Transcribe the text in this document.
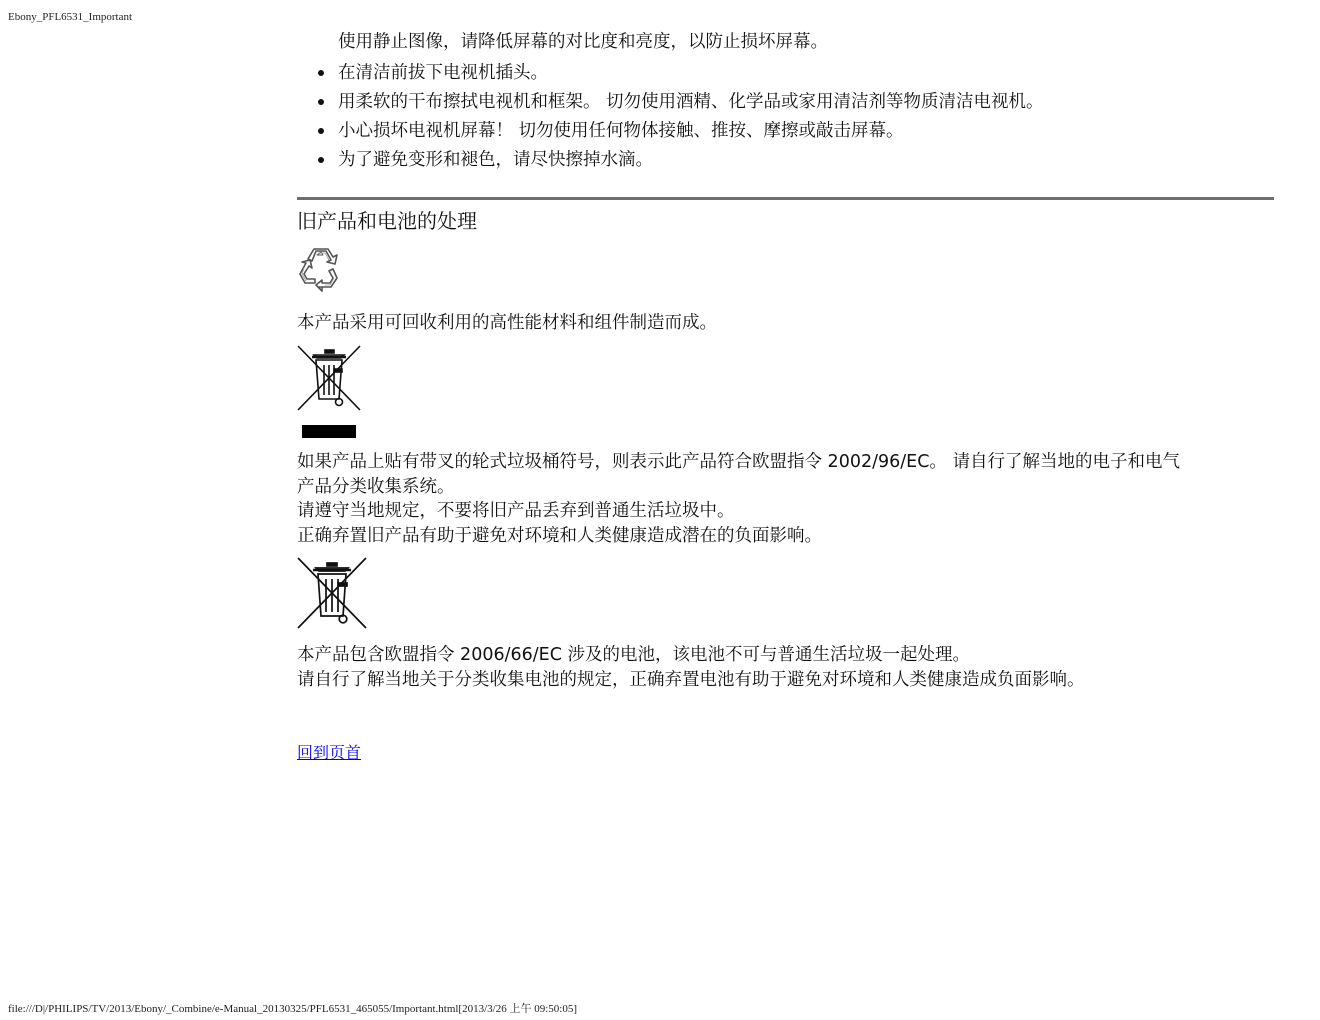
Ebony_PFL6531_Important
使用静止图像，请降低屏幕的对比度和亮度，以防止损坏屏幕。
在清洁前拔下电视机插头。
用柔软的干布擦拭电视机和框架。 切勿使用酒精、化学品或家用清洁剂等物质清洁电视机。
小心损坏电视机屏幕！ 切勿使用任何物体接触、推按、摩擦或敲击屏幕。
为了避免变形和褪色，请尽快擦掉水滴。
旧产品和电池的处理

本产品采用可回收利用的高性能材料和组件制造而成。

如果产品上贴有带叉的轮式垃圾桶符号，则表示此产品符合欧盟指令 2002/96/EC。 请自行了解当地的电子和电气
产品分类收集系统。
请遵守当地规定，不要将旧产品丢弃到普通生活垃圾中。
正确弃置旧产品有助于避免对环境和人类健康造成潜在的负面影响。
本产品包含欧盟指令 2006/66/EC 涉及的电池，该电池不可与普通生活垃圾一起处理。
请自行了解当地关于分类收集电池的规定，正确弃置电池有助于避免对环境和人类健康造成负面影响。
回到页首
file:///D|/PHILIPS/TV/2013/Ebony/_Combine/e-Manual_20130325/PFL6531_465055/Important.html[2013/3/26 上午 09:50:05]
